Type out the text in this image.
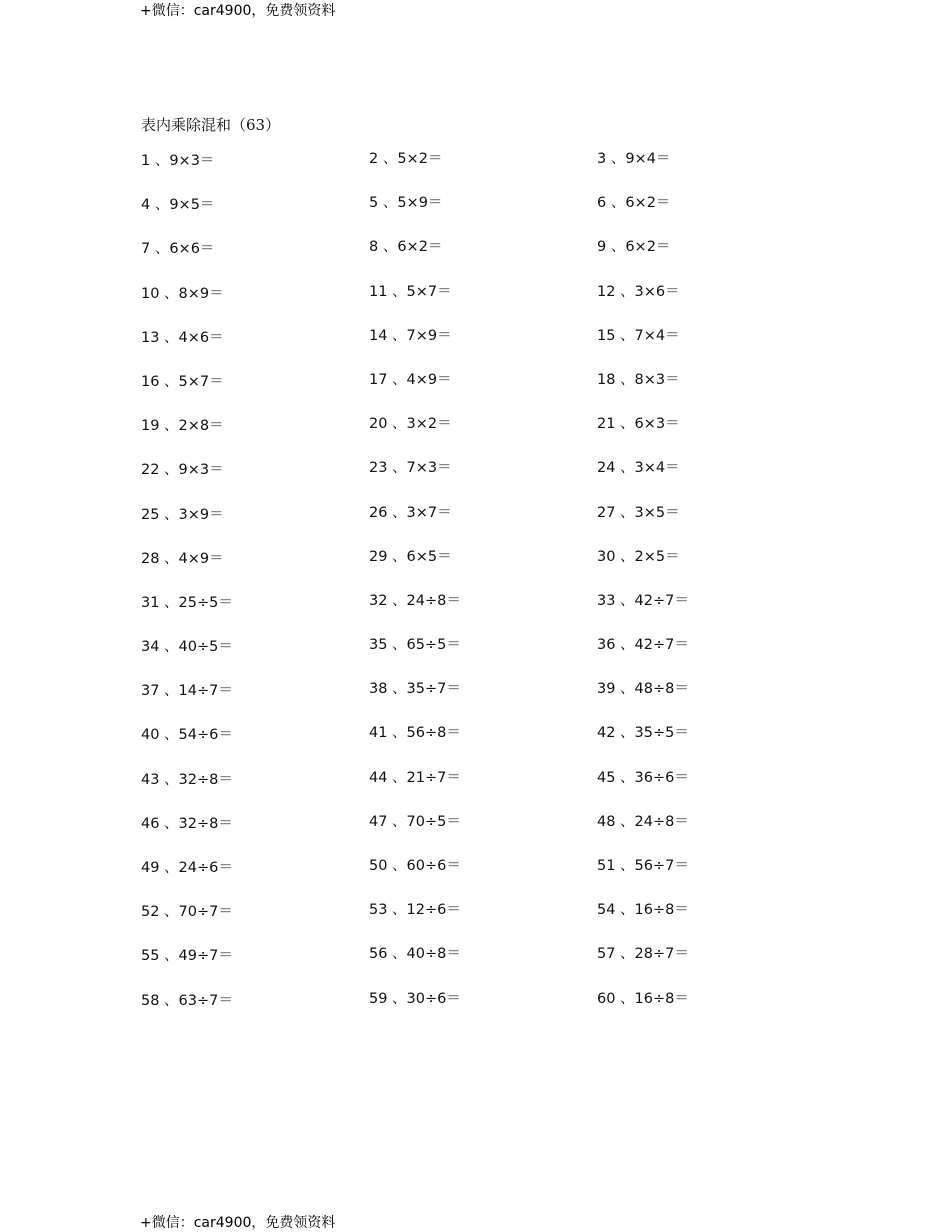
+微信：car4900，免费领资料
表内乘除混和（63）
1 、9×3＝	2 、5×2＝	3 、9×4＝
4 、9×5＝	5 、5×9＝	6 、6×2＝
7 、6×6＝	8 、6×2＝	9 、6×2＝
10 、8×9＝	11 、5×7＝	12 、3×6＝
13 、4×6＝	14 、7×9＝	15 、7×4＝
16 、5×7＝	17 、4×9＝	18 、8×3＝
19 、2×8＝	20 、3×2＝	21 、6×3＝
22 、9×3＝	23 、7×3＝	24 、3×4＝
25 、3×9＝	26 、3×7＝	27 、3×5＝
28 、4×9＝	29 、6×5＝	30 、2×5＝
31 、25÷5＝	32 、24÷8＝	33 、42÷7＝
34 、40÷5＝	35 、65÷5＝	36 、42÷7＝
37 、14÷7＝	38 、35÷7＝	39 、48÷8＝
40 、54÷6＝	41 、56÷8＝	42 、35÷5＝
43 、32÷8＝	44 、21÷7＝	45 、36÷6＝
46 、32÷8＝	47 、70÷5＝	48 、24÷8＝
49 、24÷6＝	50 、60÷6＝	51 、56÷7＝
52 、70÷7＝	53 、12÷6＝	54 、16÷8＝
55 、49÷7＝	56 、40÷8＝	57 、28÷7＝
58 、63÷7＝	59 、30÷6＝	60 、16÷8＝
+微信：car4900，免费领资料
